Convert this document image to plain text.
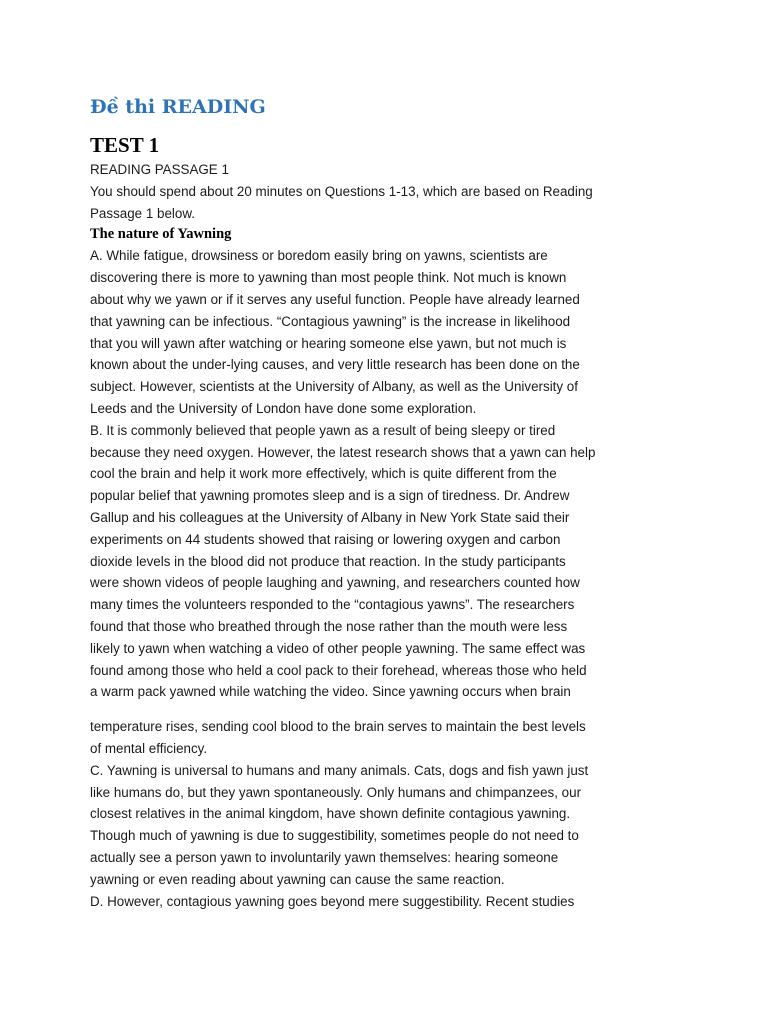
Đề thi READING
TEST 1
READING PASSAGE 1
You should spend about 20 minutes on Questions 1-13, which are based on Reading
Passage 1 below.
The nature of Yawning
A. While fatigue, drowsiness or boredom easily bring on yawns, scientists are
discovering there is more to yawning than most people think. Not much is known
about why we yawn or if it serves any useful function. People have already learned
that yawning can be infectious. “Contagious yawning” is the increase in likelihood
that you will yawn after watching or hearing someone else yawn, but not much is
known about the under-lying causes, and very little research has been done on the
subject. However, scientists at the University of Albany, as well as the University of
Leeds and the University of London have done some exploration.
B. It is commonly believed that people yawn as a result of being sleepy or tired
because they need oxygen. However, the latest research shows that a yawn can help
cool the brain and help it work more effectively, which is quite different from the
popular belief that yawning promotes sleep and is a sign of tiredness. Dr. Andrew
Gallup and his colleagues at the University of Albany in New York State said their
experiments on 44 students showed that raising or lowering oxygen and carbon
dioxide levels in the blood did not produce that reaction. In the study participants
were shown videos of people laughing and yawning, and researchers counted how
many times the volunteers responded to the “contagious yawns”. The researchers
found that those who breathed through the nose rather than the mouth were less
likely to yawn when watching a video of other people yawning. The same effect was
found among those who held a cool pack to their forehead, whereas those who held
a warm pack yawned while watching the video. Since yawning occurs when brain
temperature rises, sending cool blood to the brain serves to maintain the best levels
of mental efficiency.
C. Yawning is universal to humans and many animals. Cats, dogs and fish yawn just
like humans do, but they yawn spontaneously. Only humans and chimpanzees, our
closest relatives in the animal kingdom, have shown definite contagious yawning.
Though much of yawning is due to suggestibility, sometimes people do not need to
actually see a person yawn to involuntarily yawn themselves: hearing someone
yawning or even reading about yawning can cause the same reaction.
D. However, contagious yawning goes beyond mere suggestibility. Recent studies
